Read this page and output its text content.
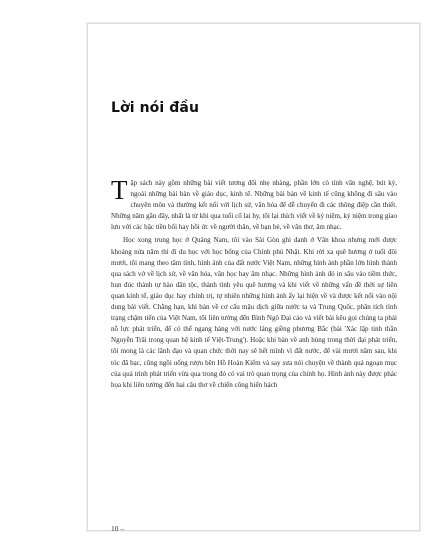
Lời nói đầu

Tập sách này gồm những bài viết tương đối nhẹ nhàng, phần lớn có tính văn nghệ, bút ký, ngoài những bài bàn về giáo dục, kinh tế. Những bài bàn về kinh tế cũng không đi sâu vào chuyên môn và thường kết nối với lịch sử, văn hóa để dễ chuyển đi các thông điệp cần thiết. Những năm gần đây, nhất là từ khi qua tuổi cổ lai hy, tôi lại thích viết về kỷ niệm, kỷ niệm trong giao lưu với các bậc tiền bối hay hồi ức về người thân, về bạn bè, về văn thơ, âm nhạc.

Học xong trung học ở Quảng Nam, tôi vào Sài Gòn ghi danh ở Văn khoa nhưng mới được khoảng nửa năm thì đi du học với học bổng của Chính phủ Nhật. Khi rời xa quê hương ở tuổi đôi mươi, tôi mang theo tâm tình, hình ảnh của đất nước Việt Nam, những hình ảnh phần lớn hình thành qua sách vở về lịch sử, về văn hóa, văn học hay âm nhạc. Những hình ảnh đó in sâu vào tiềm thức, hun đúc thành tự hào dân tộc, thành tình yêu quê hương và khi viết về những vấn đề thời sự liên quan kinh tế, giáo dục hay chính trị, tự nhiên những hình ảnh ấy lại hiện về và được kết nối vào nội dung bài viết. Chẳng hạn, khi bàn về cơ cấu mậu dịch giữa nước ta và Trung Quốc, phân tích tình trạng chậm tiến của Việt Nam, tôi liên tưởng đến Bình Ngô Đại cáo và viết bài kêu gọi chúng ta phải nỗ lực phát triển, để có thể ngang hàng với nước láng giềng phương Bắc (bài 'Xác lập tinh thần Nguyễn Trãi trong quan hệ kinh tế Việt-Trung'). Hoặc khi bàn về anh hùng trong thời đại phát triển, tôi mong là các lãnh đạo và quan chức thời nay sẽ hết mình vì đất nước, để vài mươi năm sau, khi tóc đã bạc, cũng ngồi uống rượu bên Hồ Hoàn Kiếm và say sưa nói chuyện về thành quả ngoạn mục của quá trình phát triển vừa qua trong đó có vai trò quan trọng của chính họ. Hình ảnh này được phác họa khi liên tưởng đến hai câu thơ về chiến công hiển hách

10 –
